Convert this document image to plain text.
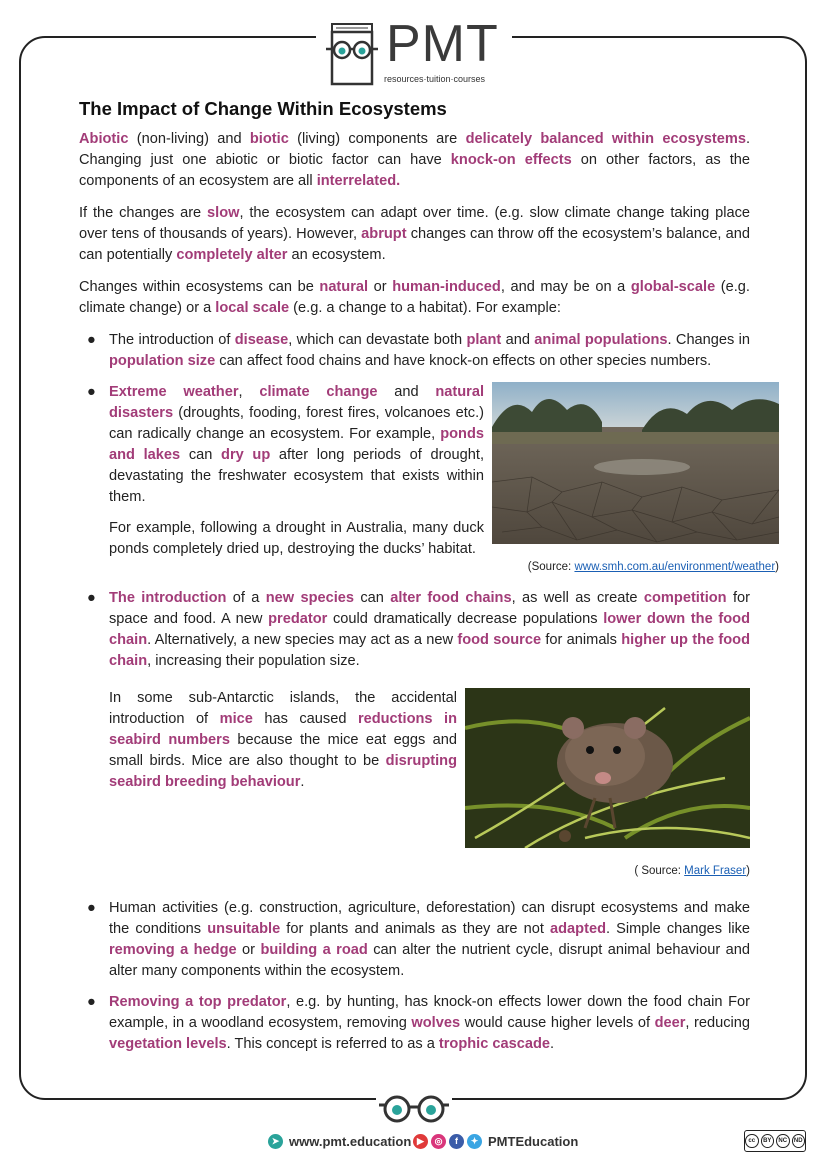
PMT
resources·tuition·courses
The Impact of Change Within Ecosystems

Abiotic (non-living) and biotic (living) components are delicately balanced within ecosystems. Changing just one abiotic or biotic factor can have knock-on effects on other factors, as the components of an ecosystem are all interrelated.

If the changes are slow, the ecosystem can adapt over time. (e.g. slow climate change taking place over tens of thousands of years). However, abrupt changes can throw off the ecosystem’s balance, and can potentially completely alter an ecosystem.

Changes within ecosystems can be natural or human-induced, and may be on a global-scale (e.g. climate change) or a local scale (e.g. a change to a habitat). For example:

● The introduction of disease, which can devastate both plant and animal populations. Changes in population size can affect food chains and have knock-on effects on other species numbers.
●
(Source: www.smh.com.au/environment/weather)
Extreme weather, climate change and natural disasters (droughts, fooding, forest fires, volcanoes etc.) can radically change an ecosystem. For example, ponds and lakes can dry up after long periods of drought, devastating the freshwater ecosystem that exists within them.

For example, following a drought in Australia, many duck ponds completely dried up, destroying the ducks’ habitat.

● The introduction of a new species can alter food chains, as well as create competition for space and food. A new predator could dramatically decrease populations lower down the food chain. Alternatively, a new species may act as a new food source for animals higher up the food chain, increasing their population size.
( Source: Mark Fraser)

In some sub-Antarctic islands, the accidental introduction of mice has caused reductions in seabird numbers because the mice eat eggs and small birds. Mice are also thought to be disrupting seabird breeding behaviour.

● Human activities (e.g. construction, agriculture, deforestation) can disrupt ecosystems and make the conditions unsuitable for plants and animals as they are not adapted. Simple changes like removing a hedge or building a road can alter the nutrient cycle, disrupt animal behaviour and alter many components within the ecosystem.
● Removing a top predator, e.g. by hunting, has knock-on effects lower down the food chain For example, in a woodland ecosystem, removing wolves would cause higher levels of deer, reducing vegetation levels. This concept is referred to as a trophic cascade.
➤ www.pmt.education ▶	◎	f	✦ PMTEducation	cc	BY	NC	ND
